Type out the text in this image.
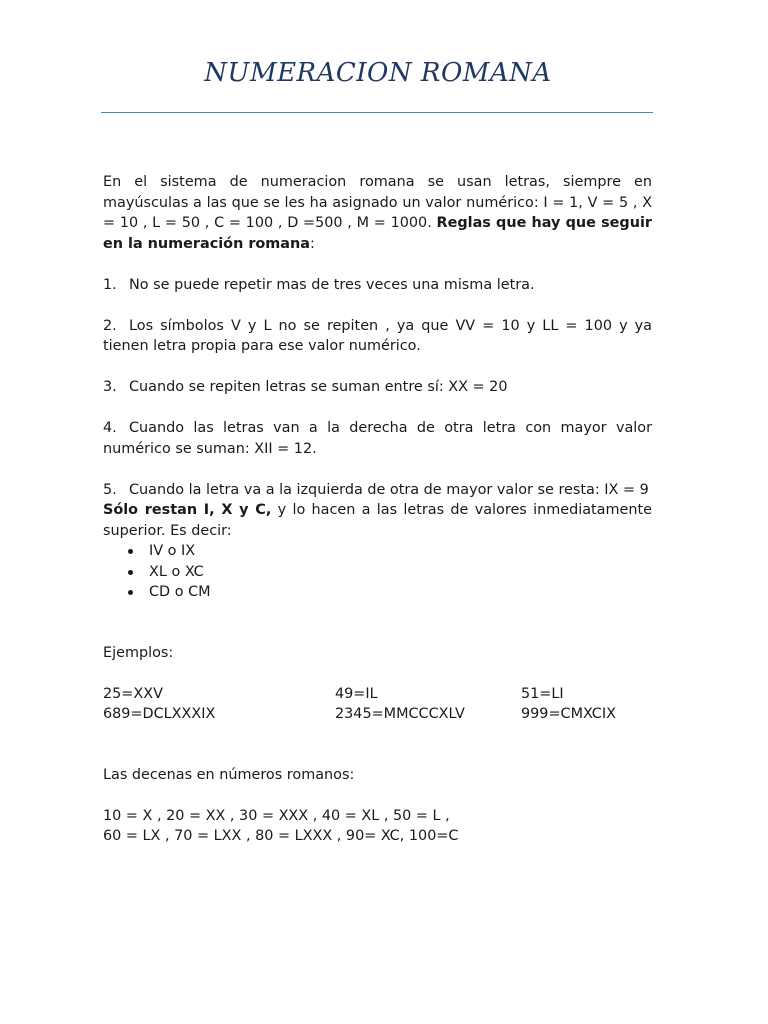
NUMERACION ROMANA

En el sistema de numeracion romana se usan letras, siempre en mayúsculas a las que se les ha asignado un valor numérico: I = 1, V = 5 , X = 10 , L = 50 , C = 100 , D =500 , M = 1000. Reglas que hay que seguir en la numeración romana:

1. No se puede repetir mas de tres veces una misma letra.

2. Los símbolos V y L no se repiten , ya que VV = 10 y LL = 100 y ya tienen letra propia para ese valor numérico.

3. Cuando se repiten letras se suman entre sí: XX = 20

4. Cuando las letras van a la derecha de otra letra con mayor valor numérico se suman: XII = 12.

5. Cuando la letra va a la izquierda de otra de mayor valor se resta: IX = 9

Sólo restan I, X y C, y lo hacen a las letras de valores inmediatamente superior. Es decir:

IV o IX
XL o XC
CD o CM

Ejemplos:

25=XXV	49=IL	51=LI
689=DCLXXXIX	2345=MMCCCXLV	999=CMXCIX

Las decenas en números romanos:

10 = X , 20 = XX , 30 = XXX , 40 = XL , 50 = L ,

60 = LX , 70 = LXX , 80 = LXXX , 90= XC, 100=C
